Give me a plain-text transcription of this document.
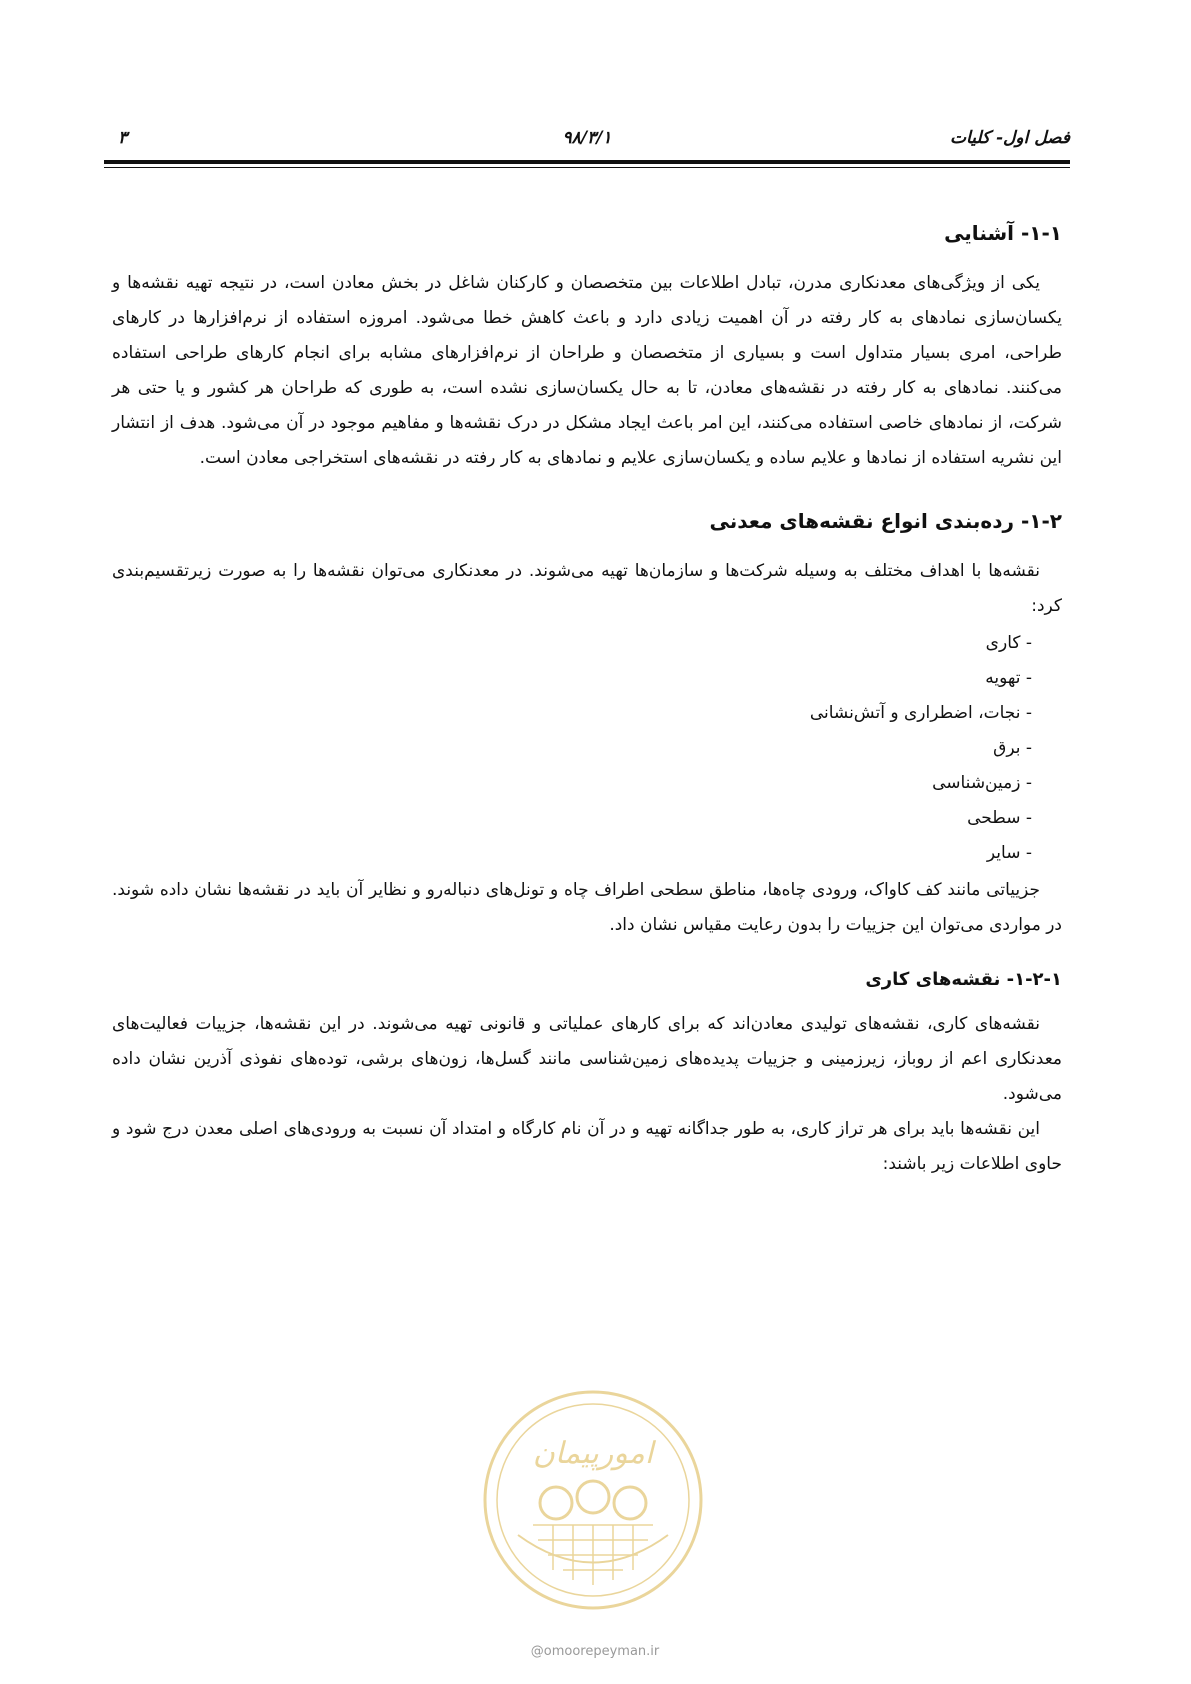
فصل اول- کلیات
۹۸/۳/۱
۳
۱-۱- آشنایی

یکی از ویژگی‌های معدنکاری مدرن، تبادل اطلاعات بین متخصصان و کارکنان شاغل در بخش معادن است، در نتیجه تهیه نقشه‌ها و یکسان‌سازی نمادهای به کار رفته در آن اهمیت زیادی دارد و باعث کاهش خطا می‌شود. امروزه استفاده از نرم‌افزارها در کارهای طراحی، امری بسیار متداول است و بسیاری از متخصصان و طراحان از نرم‌افزارهای مشابه برای انجام کارهای طراحی استفاده می‌کنند. نمادهای به کار رفته در نقشه‌های معادن، تا به حال یکسان‌سازی نشده است، به طوری که طراحان هر کشور و یا حتی هر شرکت، از نمادهای خاصی استفاده می‌کنند، این امر باعث ایجاد مشکل در درک نقشه‌ها و مفاهیم موجود در آن می‌شود. هدف از انتشار این نشریه استفاده از نمادها و علایم ساده و یکسان‌سازی علایم و نمادهای به کار رفته در نقشه‌های استخراجی معادن است.

۱-۲- رده‌بندی انواع نقشه‌های معدنی

نقشه‌ها با اهداف مختلف به وسیله شرکت‌ها و سازمان‌ها تهیه می‌شوند. در معدنکاری می‌توان نقشه‌ها را به صورت زیرتقسیم‌بندی کرد:

- کاری
- تهویه
- نجات، اضطراری و آتش‌نشانی
- برق
- زمین‌شناسی
- سطحی
- سایر

جزییاتی مانند کف کاواک، ورودی چاه‌ها، مناطق سطحی اطراف چاه و تونل‌های دنباله‌رو و نظایر آن باید در نقشه‌ها نشان داده شوند. در مواردی می‌توان این جزییات را بدون رعایت مقیاس نشان داد.

۱-۲-۱- نقشه‌های کاری

نقشه‌های کاری، نقشه‌های تولیدی معادن‌اند که برای کارهای عملیاتی و قانونی تهیه می‌شوند. در این نقشه‌ها، جزییات فعالیت‌های معدنکاری اعم از روباز، زیرزمینی و جزییات پدیده‌های زمین‌شناسی مانند گسل‌ها، زون‌های برشی، توده‌های نفوذی آذرین نشان داده می‌شود.

این نقشه‌ها باید برای هر تراز کاری، به طور جداگانه تهیه و در آن نام کارگاه و امتداد آن نسبت به ورودی‌های اصلی معدن درج شود و حاوی اطلاعات زیر باشند:

امورپیمان
@omoorepeyman.ir
